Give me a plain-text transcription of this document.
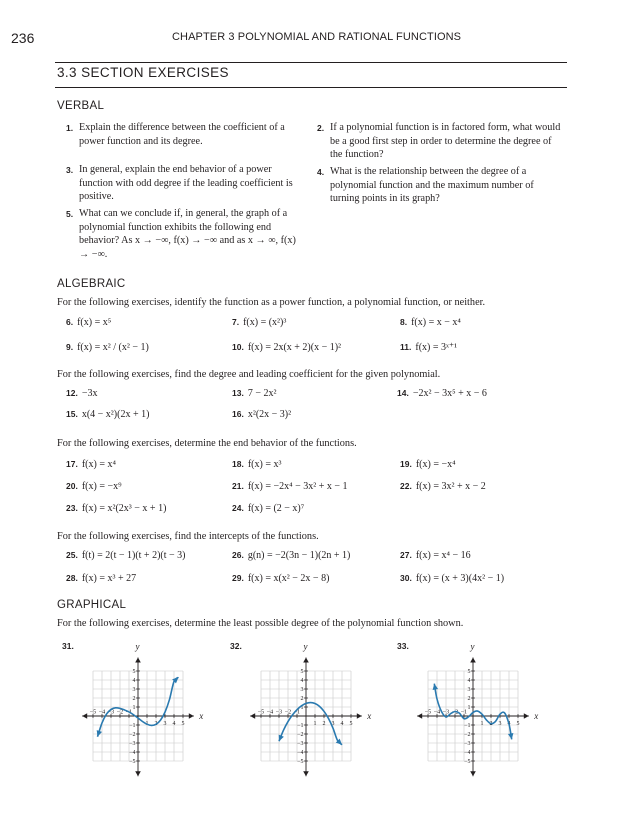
236	CHAPTER 3 POLYNOMIAL AND RATIONAL FUNCTIONS
3.3 SECTION EXERCISES
VERBAL
1. Explain the difference between the coefficient of a power function and its degree.
2. If a polynomial function is in factored form, what would be a good first step in order to determine the degree of the function?
3. In general, explain the end behavior of a power function with odd degree if the leading coefficient is positive.
4. What is the relationship between the degree of a polynomial function and the maximum number of turning points in its graph?
5. What can we conclude if, in general, the graph of a polynomial function exhibits the following end behavior? As x → −∞, f(x) → −∞ and as x → ∞, f(x) → −∞.
ALGEBRAIC
For the following exercises, identify the function as a power function, a polynomial function, or neither.
6. f(x) = x⁵	7. f(x) = (x²)³	8. f(x) = x − x⁴
9. f(x) = x² / (x² − 1)	10. f(x) = 2x(x + 2)(x − 1)²	11. f(x) = 3ˣ⁺¹
For the following exercises, find the degree and leading coefficient for the given polynomial.
12. −3x	13. 7 − 2x²	14. −2x² − 3x⁵ + x − 6
15. x(4 − x²)(2x + 1)	16. x²(2x − 3)²
For the following exercises, determine the end behavior of the functions.
17. f(x) = x⁴	18. f(x) = x³	19. f(x) = −x⁴
20. f(x) = −x⁹	21. f(x) = −2x⁴ − 3x² + x − 1	22. f(x) = 3x² + x − 2
23. f(x) = x²(2x³ − x + 1)	24. f(x) = (2 − x)⁷
For the following exercises, find the intercepts of the functions.
25. f(t) = 2(t − 1)(t + 2)(t − 3)	26. g(n) = −2(3n − 1)(2n + 1)	27. f(x) = x⁴ − 16
28. f(x) = x³ + 27	29. f(x) = x(x² − 2x − 8)	30. f(x) = (x + 3)(4x² − 1)
GRAPHICAL
For the following exercises, determine the least possible degree of the polynomial function shown.
31.	32.	33.
x
y
−5 −4 −3 −2 −1
1 2 3 4 5
5
4
3
2
1
−1
−2
−3
−4
−5
x
y
−5 −4 −3 −2 −1
1 2 3 4 5
5
4
3
2
1
−1
−2
−3
−4
−5
x
y
−5 −4 −3 −2 −1
1 2 3 4 5
5
4
3
2
1
−1
−2
−3
−4
−5
